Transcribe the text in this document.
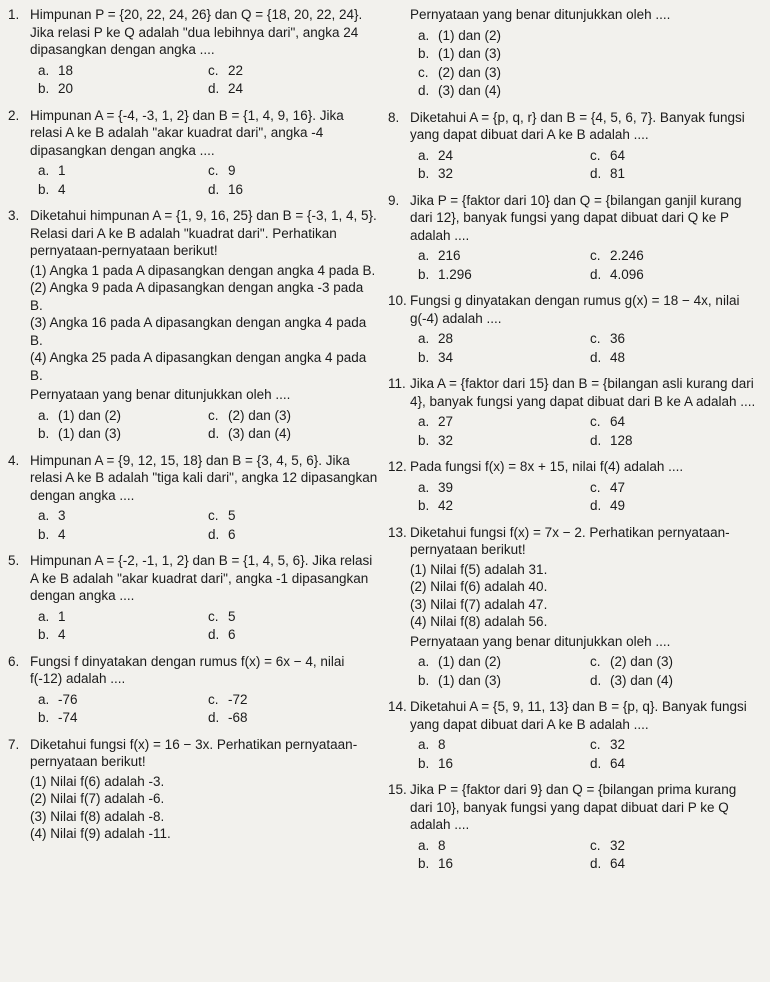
1. Himpunan P = {20, 22, 24, 26} dan Q = {18, 20, 22, 24}. Jika relasi P ke Q adalah "dua lebihnya dari", angka 24 dipasangkan dengan angka ....
a. 18	c. 22
b. 20	d. 24
2. Himpunan A = {-4, -3, 1, 2} dan B = {1, 4, 9, 16}. Jika relasi A ke B adalah "akar kuadrat dari", angka -4 dipasangkan dengan angka ....
a. 1	c. 9
b. 4	d. 16
3. Diketahui himpunan A = {1, 9, 16, 25} dan B = {-3, 1, 4, 5}. Relasi dari A ke B adalah "kuadrat dari". Perhatikan pernyataan-pernyataan berikut!
(1) Angka 1 pada A dipasangkan dengan angka 4 pada B.
(2) Angka 9 pada A dipasangkan dengan angka -3 pada B.
(3) Angka 16 pada A dipasangkan dengan angka 4 pada B.
(4) Angka 25 pada A dipasangkan dengan angka 4 pada B.
Pernyataan yang benar ditunjukkan oleh ....
a. (1) dan (2)	c. (2) dan (3)
b. (1) dan (3)	d. (3) dan (4)
4. Himpunan A = {9, 12, 15, 18} dan B = {3, 4, 5, 6}. Jika relasi A ke B adalah "tiga kali dari", angka 12 dipasangkan dengan angka ....
a. 3	c. 5
b. 4	d. 6
5. Himpunan A = {-2, -1, 1, 2} dan B = {1, 4, 5, 6}. Jika relasi A ke B adalah "akar kuadrat dari", angka -1 dipasangkan dengan angka ....
a. 1	c. 5
b. 4	d. 6
6. Fungsi f dinyatakan dengan rumus f(x) = 6x − 4, nilai f(-12) adalah ....
a. -76	c. -72
b. -74	d. -68
7. Diketahui fungsi f(x) = 16 − 3x. Perhatikan pernyataan-pernyataan berikut!
(1) Nilai f(6) adalah -3.
(2) Nilai f(7) adalah -6.
(3) Nilai f(8) adalah -8.
(4) Nilai f(9) adalah -11.
Pernyataan yang benar ditunjukkan oleh ....
a. (1) dan (2)
b. (1) dan (3)
c. (2) dan (3)
d. (3) dan (4)
8. Diketahui A = {p, q, r} dan B = {4, 5, 6, 7}. Banyak fungsi yang dapat dibuat dari A ke B adalah ....
a. 24	c. 64
b. 32	d. 81
9. Jika P = {faktor dari 10} dan Q = {bilangan ganjil kurang dari 12}, banyak fungsi yang dapat dibuat dari Q ke P adalah ....
a. 216	c. 2.246
b. 1.296	d. 4.096
10. Fungsi g dinyatakan dengan rumus g(x) = 18 − 4x, nilai g(-4) adalah ....
a. 28	c. 36
b. 34	d. 48
11. Jika A = {faktor dari 15} dan B = {bilangan asli kurang dari 4}, banyak fungsi yang dapat dibuat dari B ke A adalah ....
a. 27	c. 64
b. 32	d. 128
12. Pada fungsi f(x) = 8x + 15, nilai f(4) adalah ....
a. 39	c. 47
b. 42	d. 49
13. Diketahui fungsi f(x) = 7x − 2. Perhatikan pernyataan-pernyataan berikut!
(1) Nilai f(5) adalah 31.
(2) Nilai f(6) adalah 40.
(3) Nilai f(7) adalah 47.
(4) Nilai f(8) adalah 56.
Pernyataan yang benar ditunjukkan oleh ....
a. (1) dan (2)	c. (2) dan (3)
b. (1) dan (3)	d. (3) dan (4)
14. Diketahui A = {5, 9, 11, 13} dan B = {p, q}. Banyak fungsi yang dapat dibuat dari A ke B adalah ....
a. 8	c. 32
b. 16	d. 64
15. Jika P = {faktor dari 9} dan Q = {bilangan prima kurang dari 10}, banyak fungsi yang dapat dibuat dari P ke Q adalah ....
a. 8	c. 32
b. 16	d. 64
